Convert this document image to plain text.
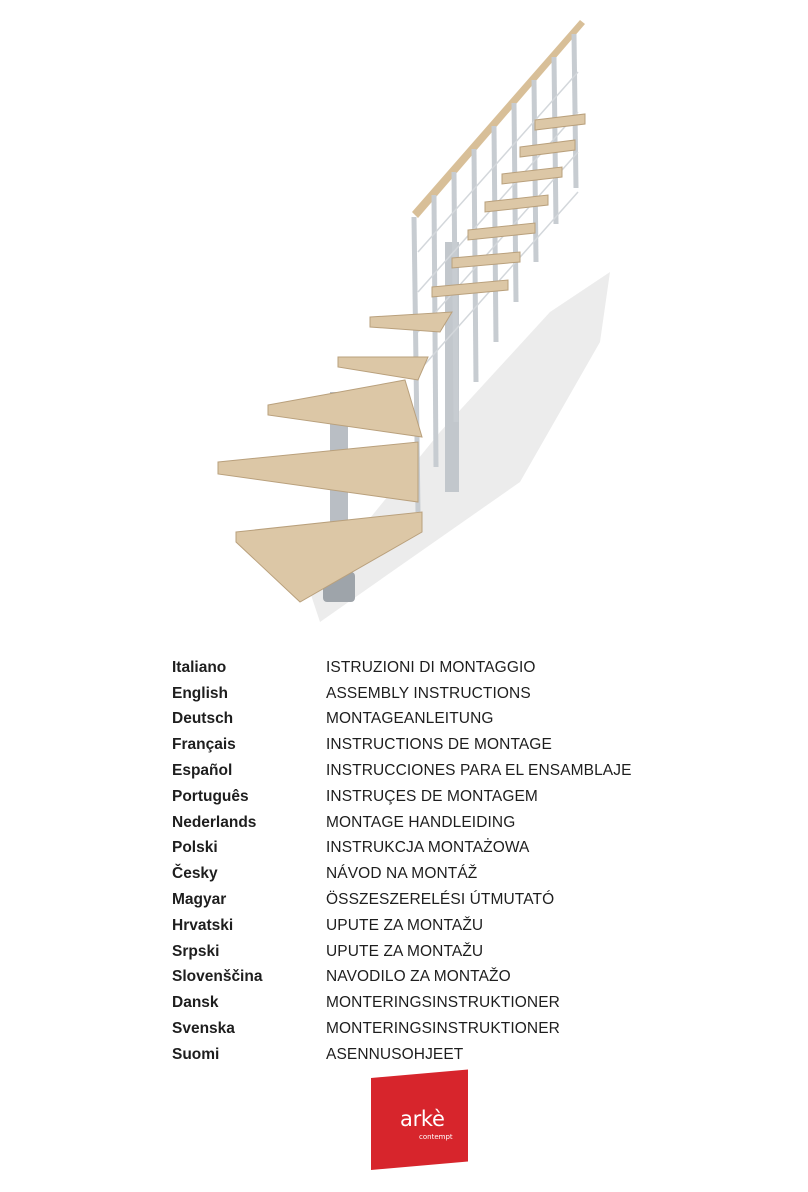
Italiano	ISTRUZIONI DI MONTAGGIO
English	ASSEMBLY INSTRUCTIONS
Deutsch	MONTAGEANLEITUNG
Français	INSTRUCTIONS DE MONTAGE
Español	INSTRUCCIONES PARA EL ENSAMBLAJE
Português	INSTRUÇES DE MONTAGEM
Nederlands	MONTAGE HANDLEIDING
Polski	INSTRUKCJA MONTAŻOWA
Česky	NÁVOD NA MONTÁŽ
Magyar	ÖSSZESZERELÉSI ÚTMUTATÓ
Hrvatski	UPUTE ZA MONTAŽU
Srpski	UPUTE ZA MONTAŽU
Slovenščina	NAVODILO ZA MONTAŽO
Dansk	MONTERINGSINSTRUKTIONER
Svenska	MONTERINGSINSTRUKTIONER
Suomi	ASENNUSOHJEET
arkè
contempt
